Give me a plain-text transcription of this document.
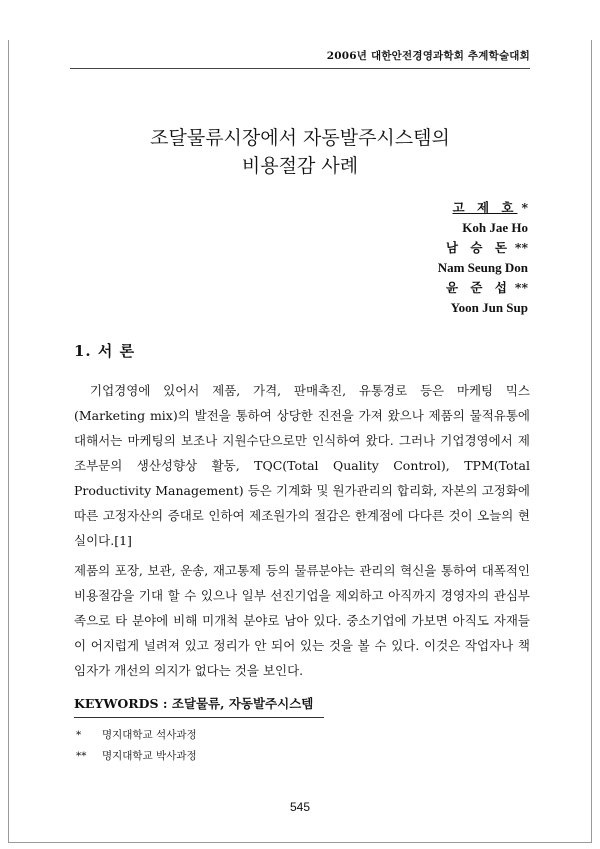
2006년 대한안전경영과학회 추계학술대회
조달물류시장에서 자동발주시스템의
비용절감 사례
고 제 호 *
Koh Jae Ho
남 승 돈 **
Nam Seung Don
윤 준 섭 **
Yoon Jun Sup
1. 서 론
기업경영에 있어서 제품, 가격, 판매촉진, 유통경로 등은 마케팅 믹스(Marketing mix)의 발전을 통하여 상당한 진전을 가져 왔으나 제품의 물적유통에 대해서는 마케팅의 보조나 지원수단으로만 인식하여 왔다. 그러나 기업경영에서 제조부문의 생산성향상 활동, TQC(Total Quality Control), TPM(Total Productivity Management) 등은 기계화 및 원가관리의 합리화, 자본의 고정화에 따른 고정자산의 증대로 인하여 제조원가의 절감은 한계점에 다다른 것이 오늘의 현실이다.[1]
제품의 포장, 보관, 운송, 재고통제 등의 물류분야는 관리의 혁신을 통하여 대폭적인 비용절감을 기대 할 수 있으나 일부 선진기업을 제외하고 아직까지 경영자의 관심부족으로 타 분야에 비해 미개척 분야로 남아 있다. 중소기업에 가보면 아직도 자재들이 어지럽게 널려져 있고 정리가 안 되어 있는 것을 볼 수 있다. 이것은 작업자나 책임자가 개선의 의지가 없다는 것을 보인다.
KEYWORDS : 조달물류, 자동발주시스템
* 명지대학교 석사과정
** 명지대학교 박사과정
545
